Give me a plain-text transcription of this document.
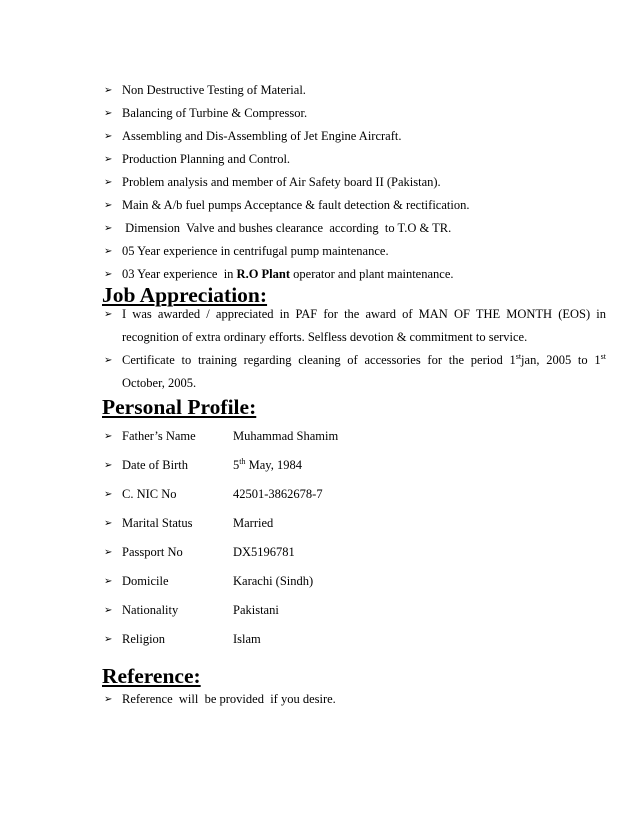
➢ Non Destructive Testing of Material.
➢ Balancing of Turbine & Compressor.
➢ Assembling and Dis-Assembling of Jet Engine Aircraft.
➢ Production Planning and Control.
➢ Problem analysis and member of Air Safety board II (Pakistan).
➢ Main & A/b fuel pumps Acceptance & fault detection & rectification.
➢ Dimension  Valve and bushes clearance  according  to T.O & TR.
➢ 05 Year experience in centrifugal pump maintenance.
➢ 03 Year experience  in R.O Plant operator and plant maintenance.
Job Appreciation:
➢ I was awarded / appreciated in PAF for the award of MAN OF THE MONTH (EOS) in
recognition of extra ordinary efforts. Selfless devotion & commitment to service.
➢ Certificate to training regarding cleaning of accessories for the period 1stjan, 2005 to 1st
October, 2005.
Personal Profile:
➢ Father’s Name	Muhammad Shamim
➢ Date of Birth	5th May, 1984
➢ C. NIC No	42501-3862678-7
➢ Marital Status	Married
➢ Passport No	DX5196781
➢ Domicile	Karachi (Sindh)
➢ Nationality	Pakistani
➢ Religion	Islam
Reference:
➢ Reference  will  be provided  if you desire.
